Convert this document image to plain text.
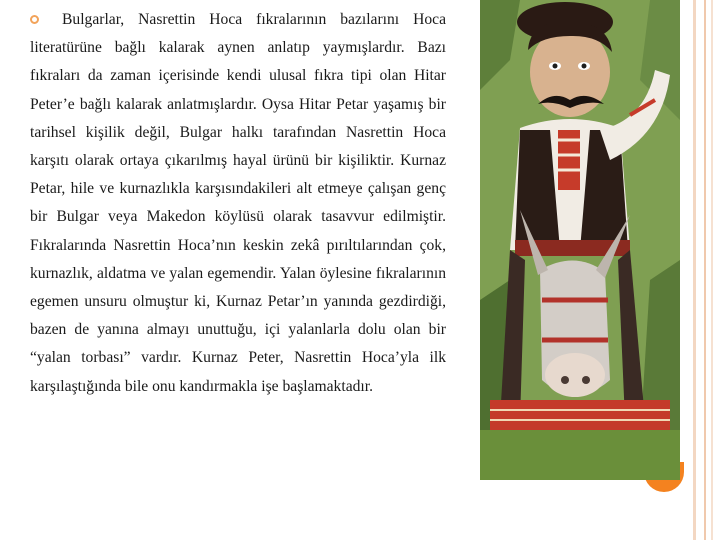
Bulgarlar, Nasrettin Hoca fıkralarının bazılarını Hoca literatürüne bağlı kalarak aynen anlatıp yaymışlardır. Bazı fıkraları da zaman içerisinde kendi ulusal fıkra tipi olan Hitar Peter’e bağlı kalarak anlatmışlardır. Oysa Hitar Petar yaşamış bir tarihsel kişilik değil, Bulgar halkı tarafından Nasrettin Hoca karşıtı olarak ortaya çıkarılmış hayal ürünü bir kişiliktir. Kurnaz Petar, hile ve kurnazlıkla karşısındakileri alt etmeye çalışan genç bir Bulgar veya Makedon köylüsü olarak tasavvur edilmiştir. Fıkralarında Nasrettin Hoca’nın keskin zekâ pırıltılarından çok, kurnazlık, aldatma ve yalan egemendir. Yalan öylesine fıkralarının egemen unsuru olmuştur ki, Kurnaz Petar’ın yanında gezdirdiği, bazen de yanına almayı unuttuğu, içi yalanlarla dolu olan bir “yalan torbası” vardır. Kurnaz Peter, Nasrettin Hoca’yla ilk karşılaştığında bile onu kandırmakla işe başlamaktadır.
